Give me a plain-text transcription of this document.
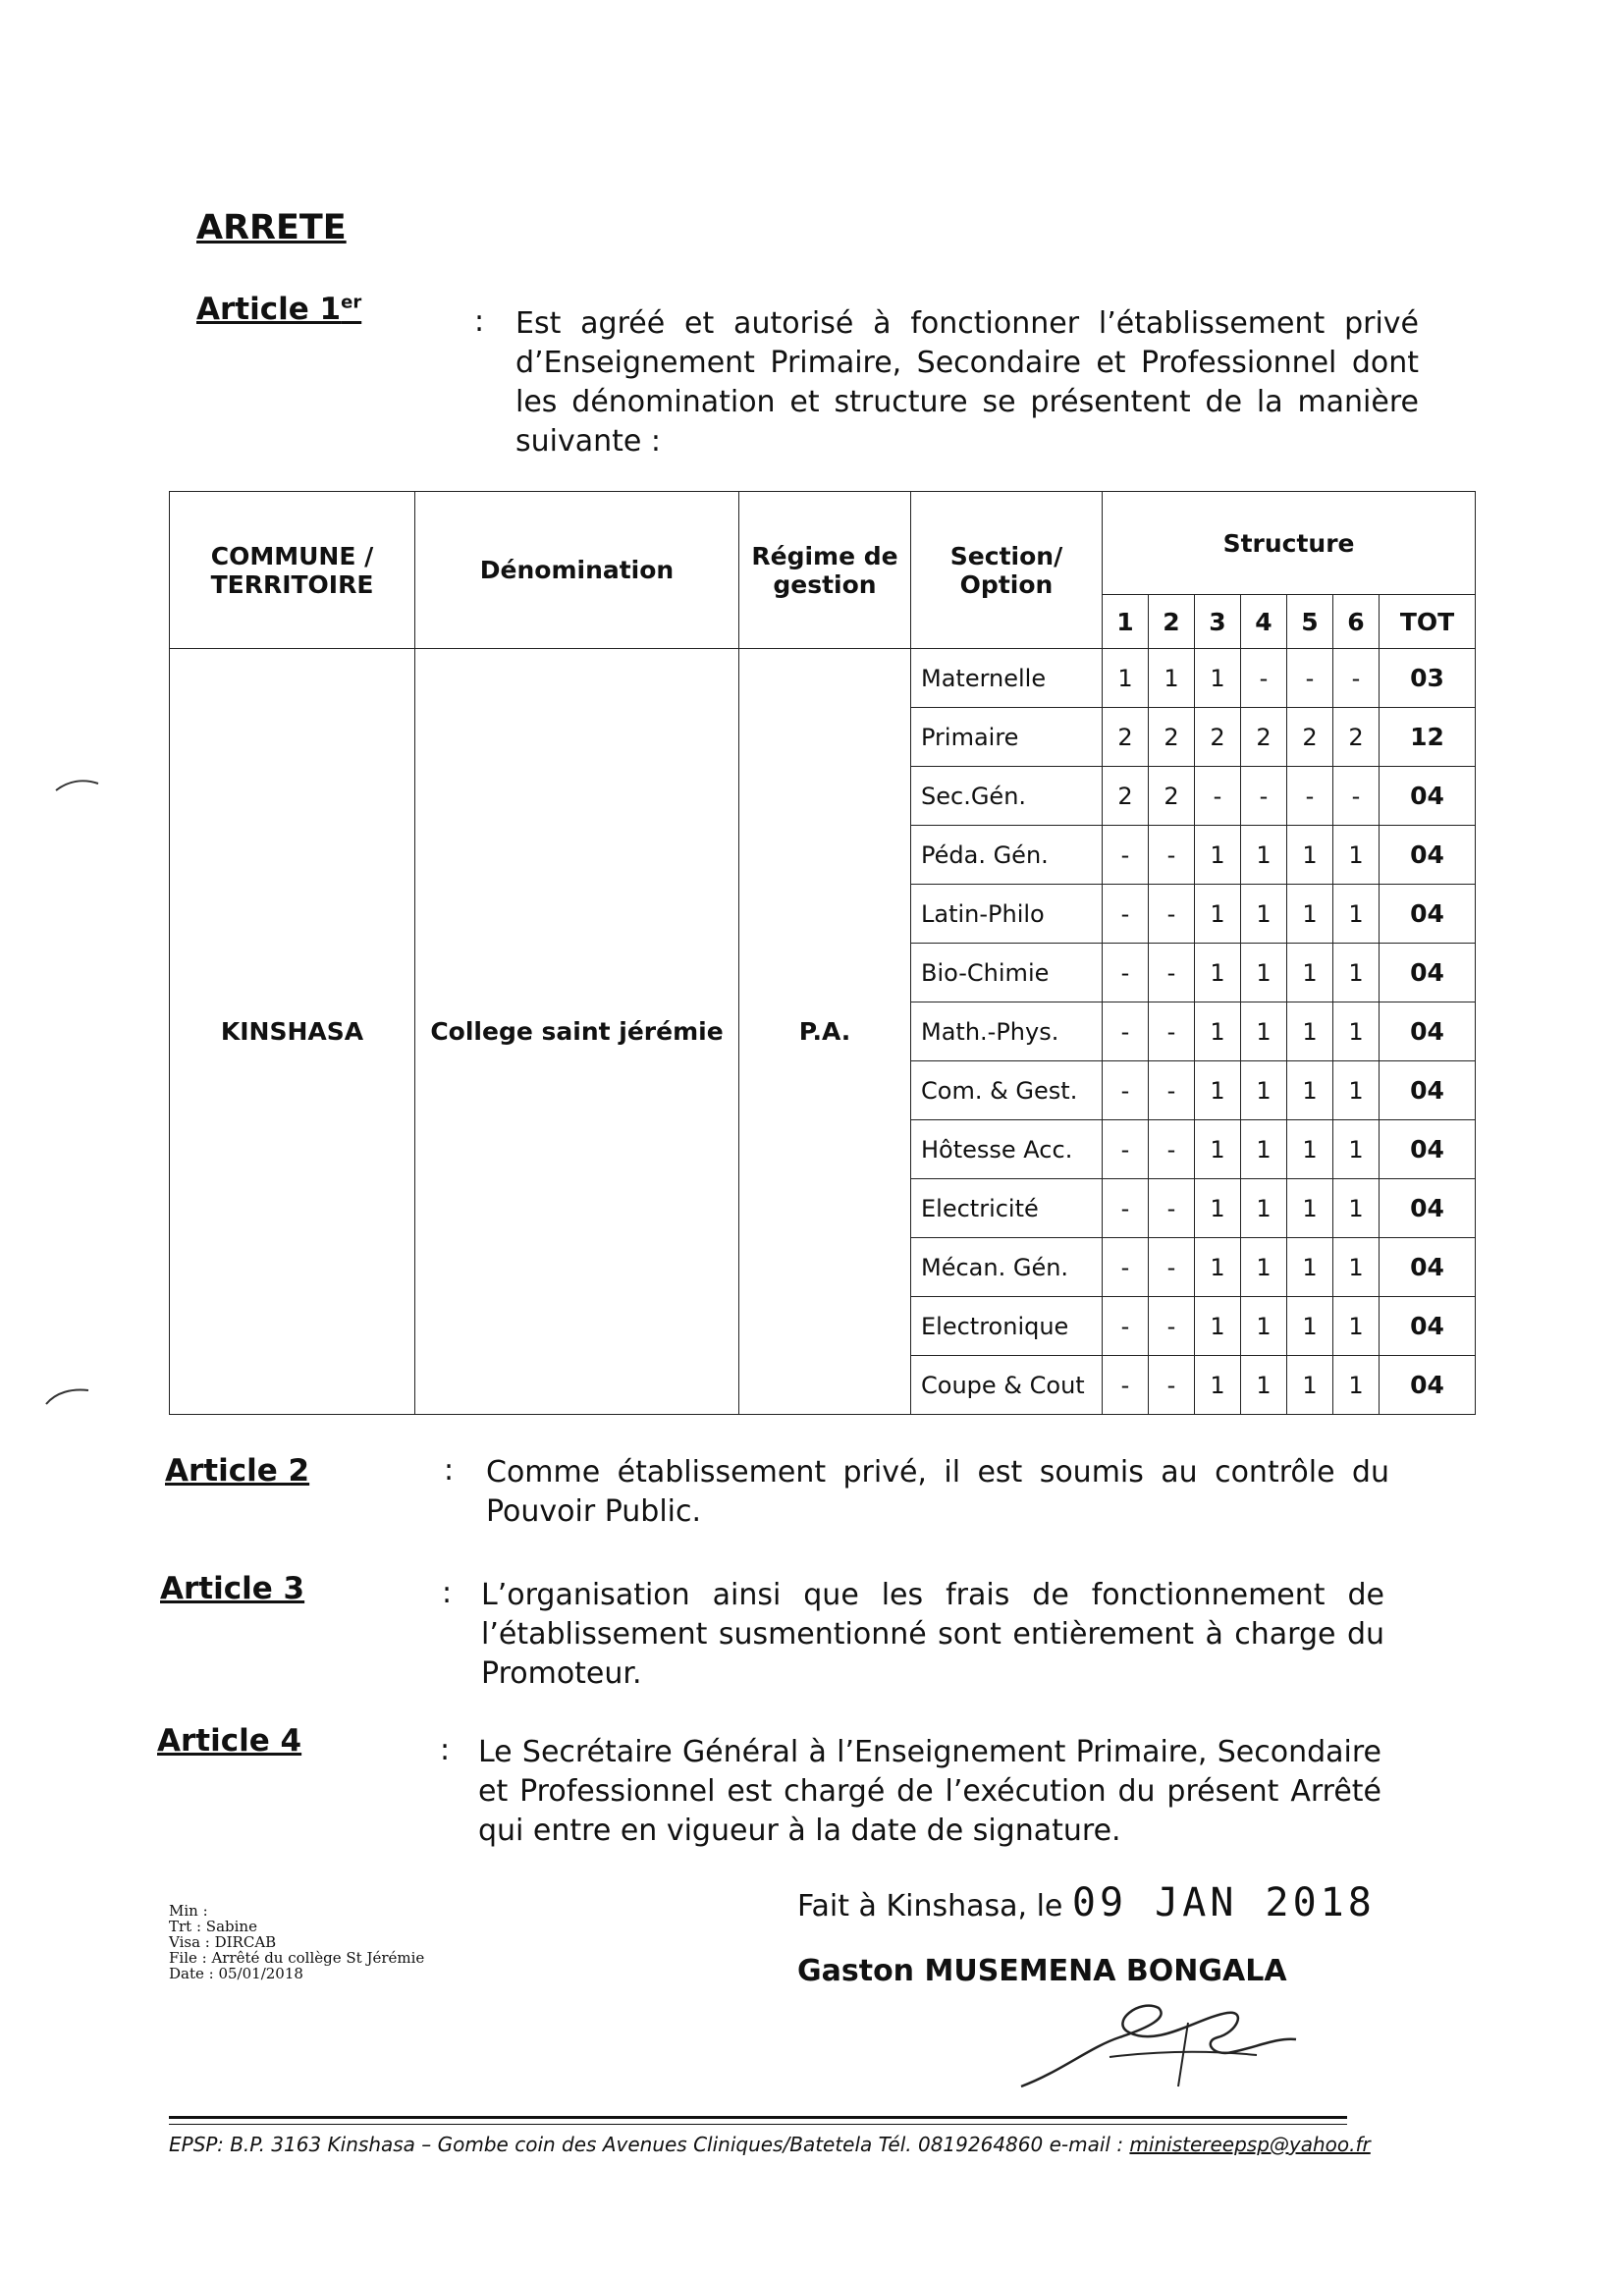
ARRETE
Article 1er
: Est agréé et autorisé à fonctionner l’établissement privé d’Enseignement Primaire, Secondaire et Professionnel dont les dénomination et structure se présentent de la manière suivante :
COMMUNE / TERRITOIRE	Dénomination	Régime de gestion	Section/ Option	Structure						
				1	2	3	4	5	6	TOT
KINSHASA	College saint jérémie	P.A.	Maternelle	1	1	1	-	-	-	03
			Primaire	2	2	2	2	2	2	12
			Sec.Gén.	2	2	-	-	-	-	04
			Péda. Gén.	-	-	1	1	1	1	04
			Latin-Philo	-	-	1	1	1	1	04
			Bio-Chimie	-	-	1	1	1	1	04
			Math.-Phys.	-	-	1	1	1	1	04
			Com. & Gest.	-	-	1	1	1	1	04
			Hôtesse Acc.	-	-	1	1	1	1	04
			Electricité	-	-	1	1	1	1	04
			Mécan. Gén.	-	-	1	1	1	1	04
			Electronique	-	-	1	1	1	1	04
			Coupe & Cout	-	-	1	1	1	1	04
Article 2	: Comme établissement privé, il est soumis au contrôle du Pouvoir Public.
Article 3	: L’organisation ainsi que les frais de fonctionnement de l’établissement susmentionné sont entièrement à charge du Promoteur.
Article 4	: Le Secrétaire Général à l’Enseignement Primaire, Secondaire et Professionnel est chargé de l’exécution du présent Arrêté qui entre en vigueur à la date de signature.
Min :
Trt : Sabine
Visa : DIRCAB
File : Arrêté du collège St Jérémie
Date : 05/01/2018
Fait à Kinshasa, le 09 JAN 2018
Gaston MUSEMENA BONGALA
EPSP: B.P. 3163 Kinshasa – Gombe coin des Avenues Cliniques/Batetela Tél. 0819264860 e-mail : ministereepsp@yahoo.fr
